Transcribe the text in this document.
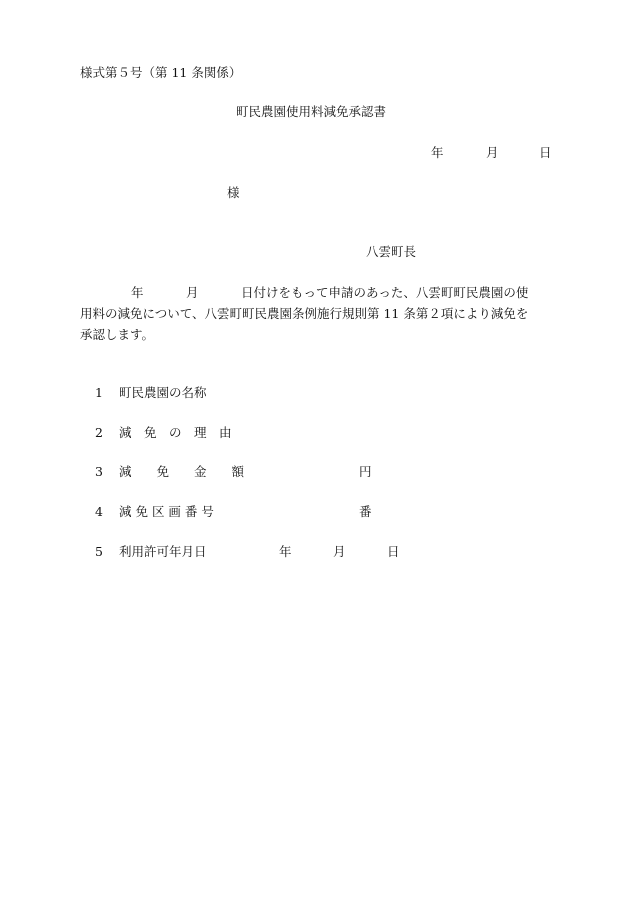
様式第５号（第 11 条関係）
町民農園使用料減免承認書
年	月	日
様
八雲町長
年	月	日付けをもって申請のあった、八雲町町民農園の使
用料の減免について、八雲町町民農園条例施行規則第 11 条第２項により減免を
承認します。
1 町民農園の名称
2 減　免　の　理　由
3 減　　免　　金　　額	円
4 減 免 区 画 番 号	番
5 利用許可年月日	年	月	日
